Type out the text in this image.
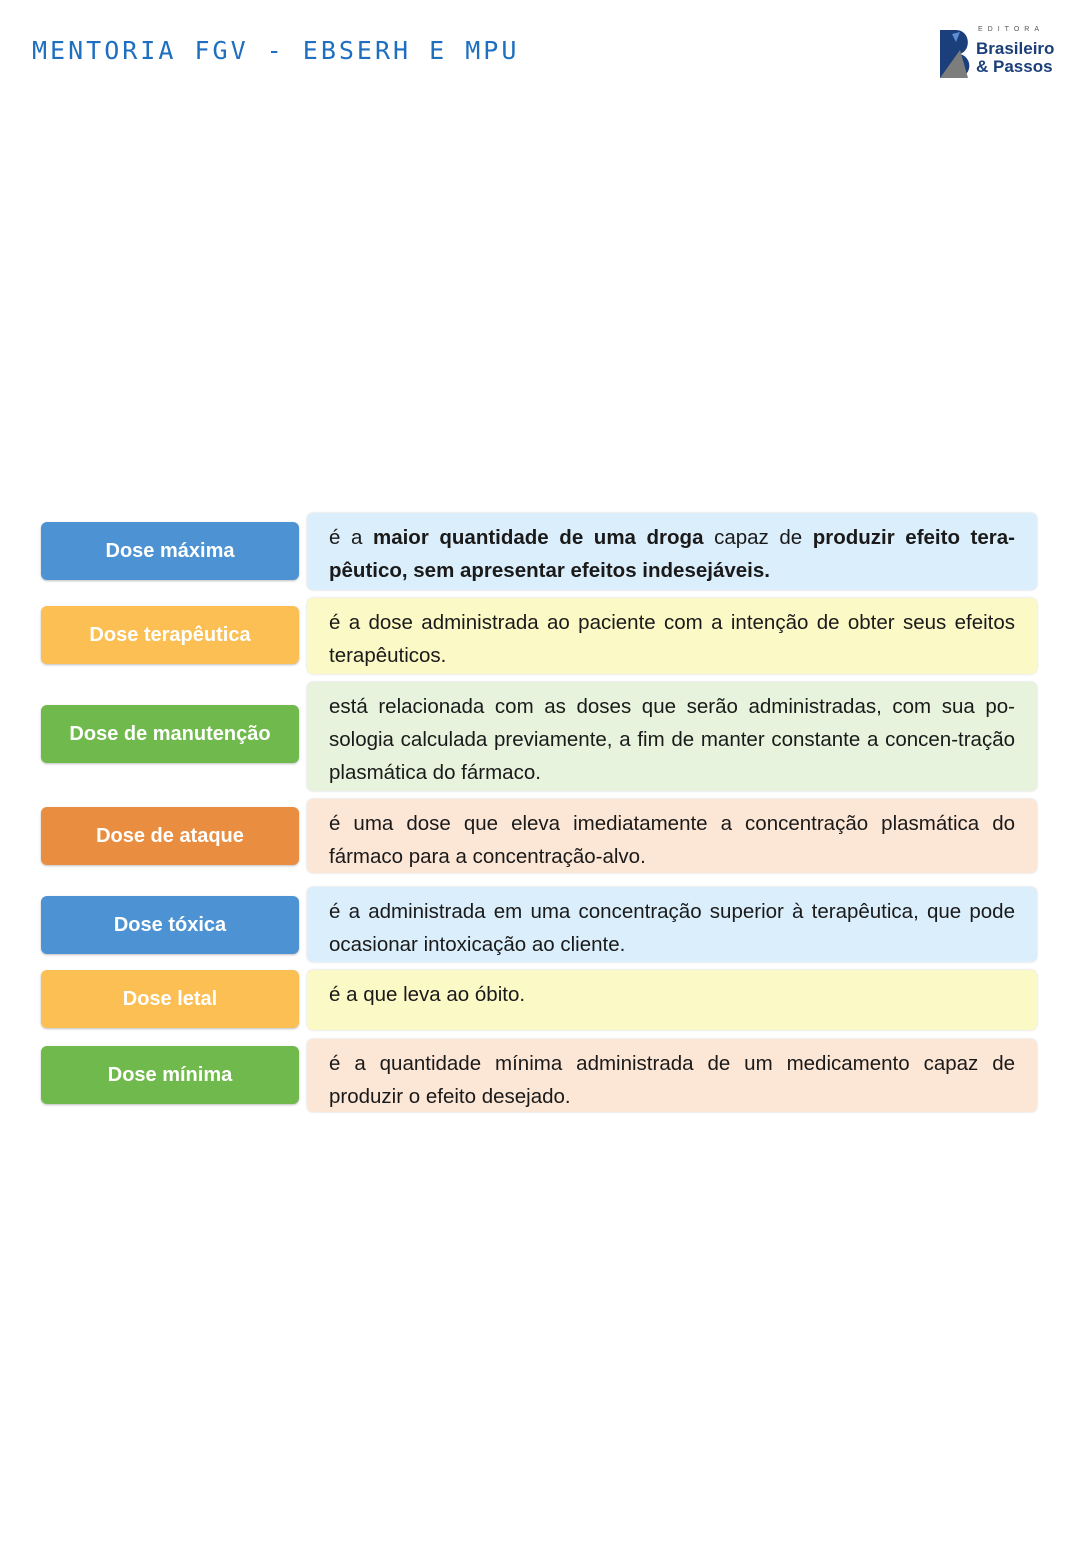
MENTORIA FGV - EBSERH E MPU
EDITORA
Brasileiro
& Passos
Dose máxima
é a maior quantidade de uma droga capaz de produzir efeito tera-pêutico, sem apresentar efeitos indesejáveis.
Dose terapêutica
é a dose administrada ao paciente com a intenção de obter seus efeitos terapêuticos.
Dose de manutenção
está relacionada com as doses que serão administradas, com sua po-sologia calculada previamente, a fim de manter constante a concen-tração plasmática do fármaco.
Dose de ataque
é uma dose que eleva imediatamente a concentração plasmática do fármaco para a concentração-alvo.
Dose tóxica
é a administrada em uma concentração superior à terapêutica, que pode ocasionar intoxicação ao cliente.
Dose letal	é a que leva ao óbito.
Dose mínima	é a quantidade mínima administrada de um medicamento capaz de produzir o efeito desejado.
